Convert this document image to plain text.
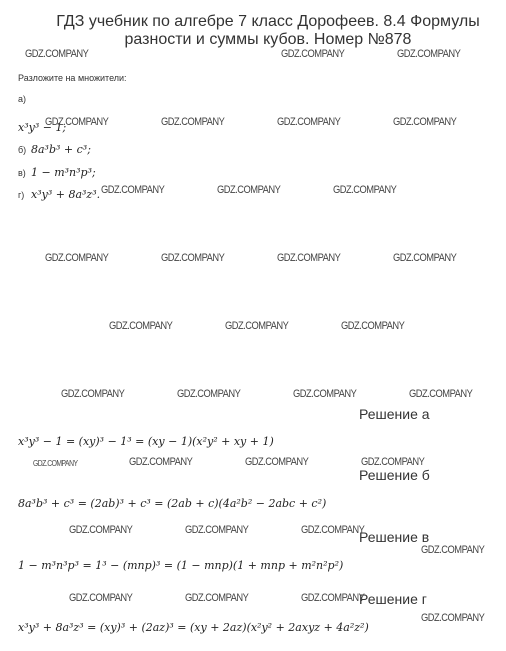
ГДЗ учебник по алгебре 7 класс Дорофеев. 8.4 Формулы разности и суммы кубов. Номер №878
Разложите на множители:
а)
x³y³ − 1;
б) 8a³b³ + c³;
в) 1 − m³n³p³;
г) x³y³ + 8a³z³.
Решение а
x³y³ − 1 = (xy)³ − 1³ = (xy − 1)(x²y² + xy + 1)
Решение б
8a³b³ + c³ = (2ab)³ + c³ = (2ab + c)(4a²b² − 2abc + c²)
Решение в
1 − m³n³p³ = 1³ − (mnp)³ = (1 − mnp)(1 + mnp + m²n²p²)
Решение г
x³y³ + 8a³z³ = (xy)³ + (2az)³ = (xy + 2az)(x²y² + 2axyz + 4a²z²)
GDZ.COMPANY	GDZ.COMPANY	GDZ.COMPANY
GDZ.COMPANY	GDZ.COMPANY	GDZ.COMPANY	GDZ.COMPANY
GDZ.COMPANY	GDZ.COMPANY	GDZ.COMPANY
GDZ.COMPANY	GDZ.COMPANY	GDZ.COMPANY	GDZ.COMPANY
GDZ.COMPANY	GDZ.COMPANY	GDZ.COMPANY
GDZ.COMPANY	GDZ.COMPANY	GDZ.COMPANY	GDZ.COMPANY
GDZ.COMPANY	GDZ.COMPANY	GDZ.COMPANY	GDZ.COMPANY
GDZ.COMPANY	GDZ.COMPANY	GDZ.COMPANY
GDZ.COMPANY
GDZ.COMPANY	GDZ.COMPANY	GDZ.COMPANY
GDZ.COMPANY
